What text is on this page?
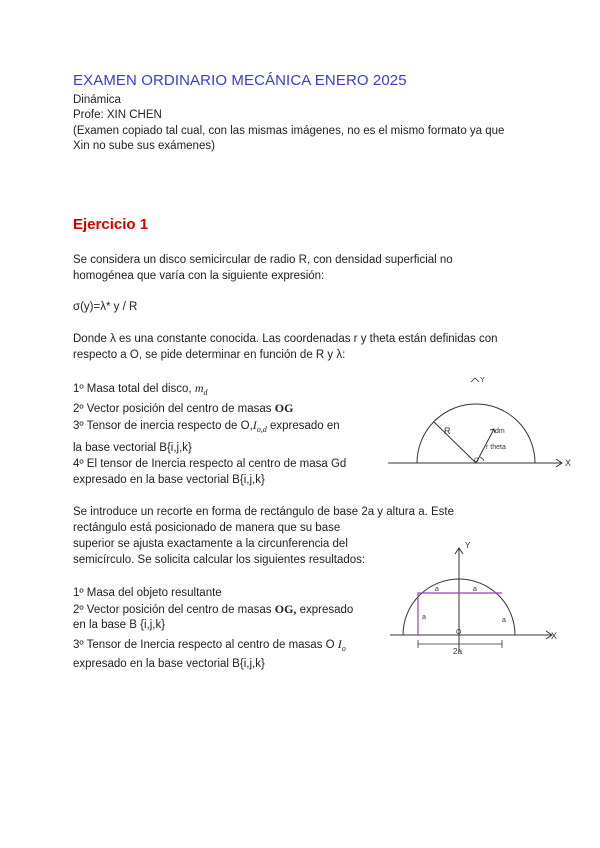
EXAMEN ORDINARIO MECÁNICA ENERO 2025
Dinámica
Profe: XIN CHEN
(Examen copiado tal cual, con las mismas imágenes, no es el mismo formato ya que
Xin no sube sus exámenes)
Ejercicio 1
Se considera un disco semicircular de radio R, con densidad superficial no
homogénea que varía con la siguiente expresión:
σ(y)=λ* y / R
Donde λ es una constante conocida. Las coordenadas r y theta están definidas con
respecto a O, se pide determinar en función de R y λ:
1º Masa total del disco, $m_d$
2º Vector posición del centro de masas OG
3º Tensor de inercia respecto de $O,I_{o,d}$ expresado en
la base vectorial B{i,j,k}
4º El tensor de Inercia respecto al centro de masa Gd
expresado en la base vectorial B{i,j,k}
Y
X
R	dm
r theta
O
Se introduce un recorte en forma de rectángulo de base 2a y altura a. Este
rectángulo está posicionado de manera que su base
superior se ajusta exactamente a la circunferencia del
semicírculo. Se solicita calcular los siguientes resultados:
1º Masa del objeto resultante
2º Vector posición del centro de masas OG, expresado
en la base B {i,j,k}
3º Tensor de Inercia respecto al centro de masas O $I_o$
expresado en la base vectorial B{i,j,k}
Y
X
a	a
a	a
2a
O
